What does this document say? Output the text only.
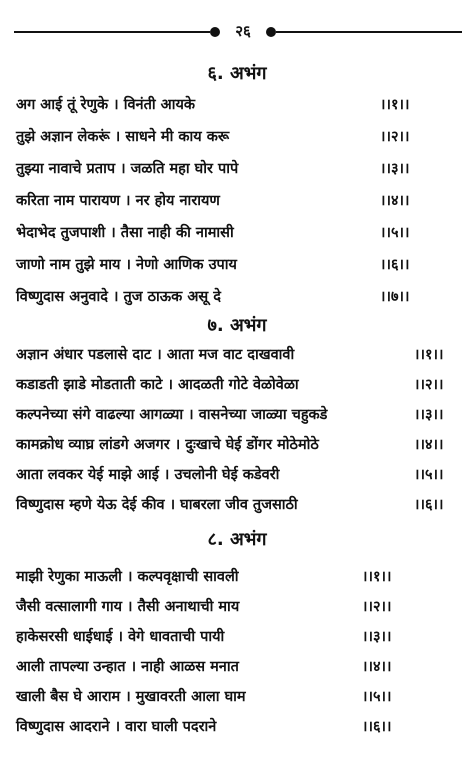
२६
६. अभंग
अग आई तूं रेणुके । विनंती आयके	।।१।।
तुझे अज्ञान लेकरूं । साधने मी काय करू	।।२।।
तुझ्या नावाचे प्रताप । जळति महा घोर पापे	।।३।।
करिता नाम पारायण । नर होय नारायण	।।४।।
भेदाभेद तुजपाशी । तैसा नाही की नामासी	।।५।।
जाणो नाम तुझे माय । नेणो आणिक उपाय	।।६।।
विष्णुदास अनुवादे । तुज ठाऊक असू दे	।।७।।
७. अभंग
अज्ञान अंधार पडलासे दाट । आता मज वाट दाखवावी	।।१।।
कडाडती झाडे मोडताती काटे । आदळती गोटे वेळोवेळा	।।२।।
कल्पनेच्या संगे वाढल्या आगळ्या । वासनेच्या जाळ्या चहुकडे	।।३।।
कामक्रोध व्याघ्र लांडगे अजगर । दुःखाचे घेई डोंगर मोठेमोठे	।।४।।
आता लवकर येई माझे आई । उचलोनी घेई कडेवरी	।।५।।
विष्णुदास म्हणे येऊ देई कीव । घाबरला जीव तुजसाठी	।।६।।
८. अभंग
माझी रेणुका माऊली । कल्पवृक्षाची सावली	।।१।।
जैसी वत्सालागी गाय । तैसी अनाथाची माय	।।२।।
हाकेसरसी धाईधाई । वेगे धावताची पायी	।।३।।
आली तापल्या उन्हात । नाही आळस मनात	।।४।।
खाली बैस घे आराम । मुखावरती आला घाम	।।५।।
विष्णुदास आदराने । वारा घाली पदराने	।।६।।
